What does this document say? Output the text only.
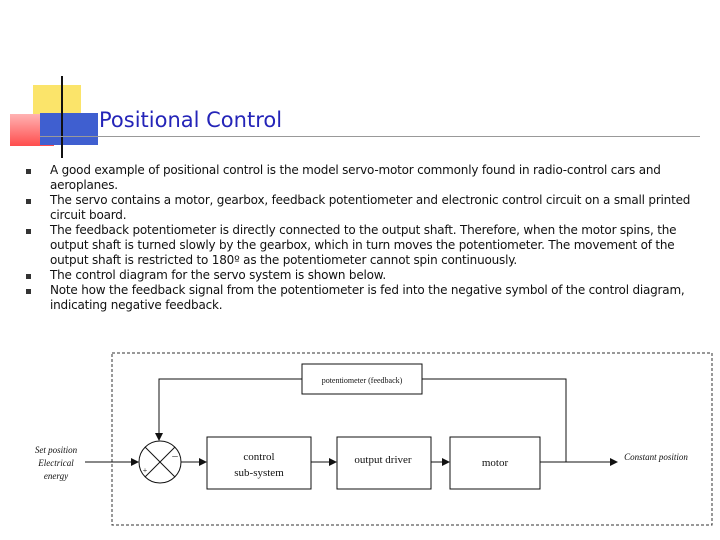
Positional Control
A good example of positional control is the model servo-motor commonly found in radio-control cars and aeroplanes.
The servo contains a motor, gearbox, feedback potentiometer and electronic control circuit on a small printed circuit board.
The feedback potentiometer is directly connected to the output shaft. Therefore, when the motor spins, the output shaft is turned slowly by the gearbox, which in turn moves the potentiometer. The movement of the output shaft is restricted to 180º as the potentiometer cannot spin continuously.
The control diagram for the servo system is shown below.
Note how the feedback signal from the potentiometer is fed into the negative symbol of the control diagram, indicating negative feedback.
potentiometer (feedback)
Set position
Electrical
energy
–
+
control
sub-system
output driver	motor	Constant position
